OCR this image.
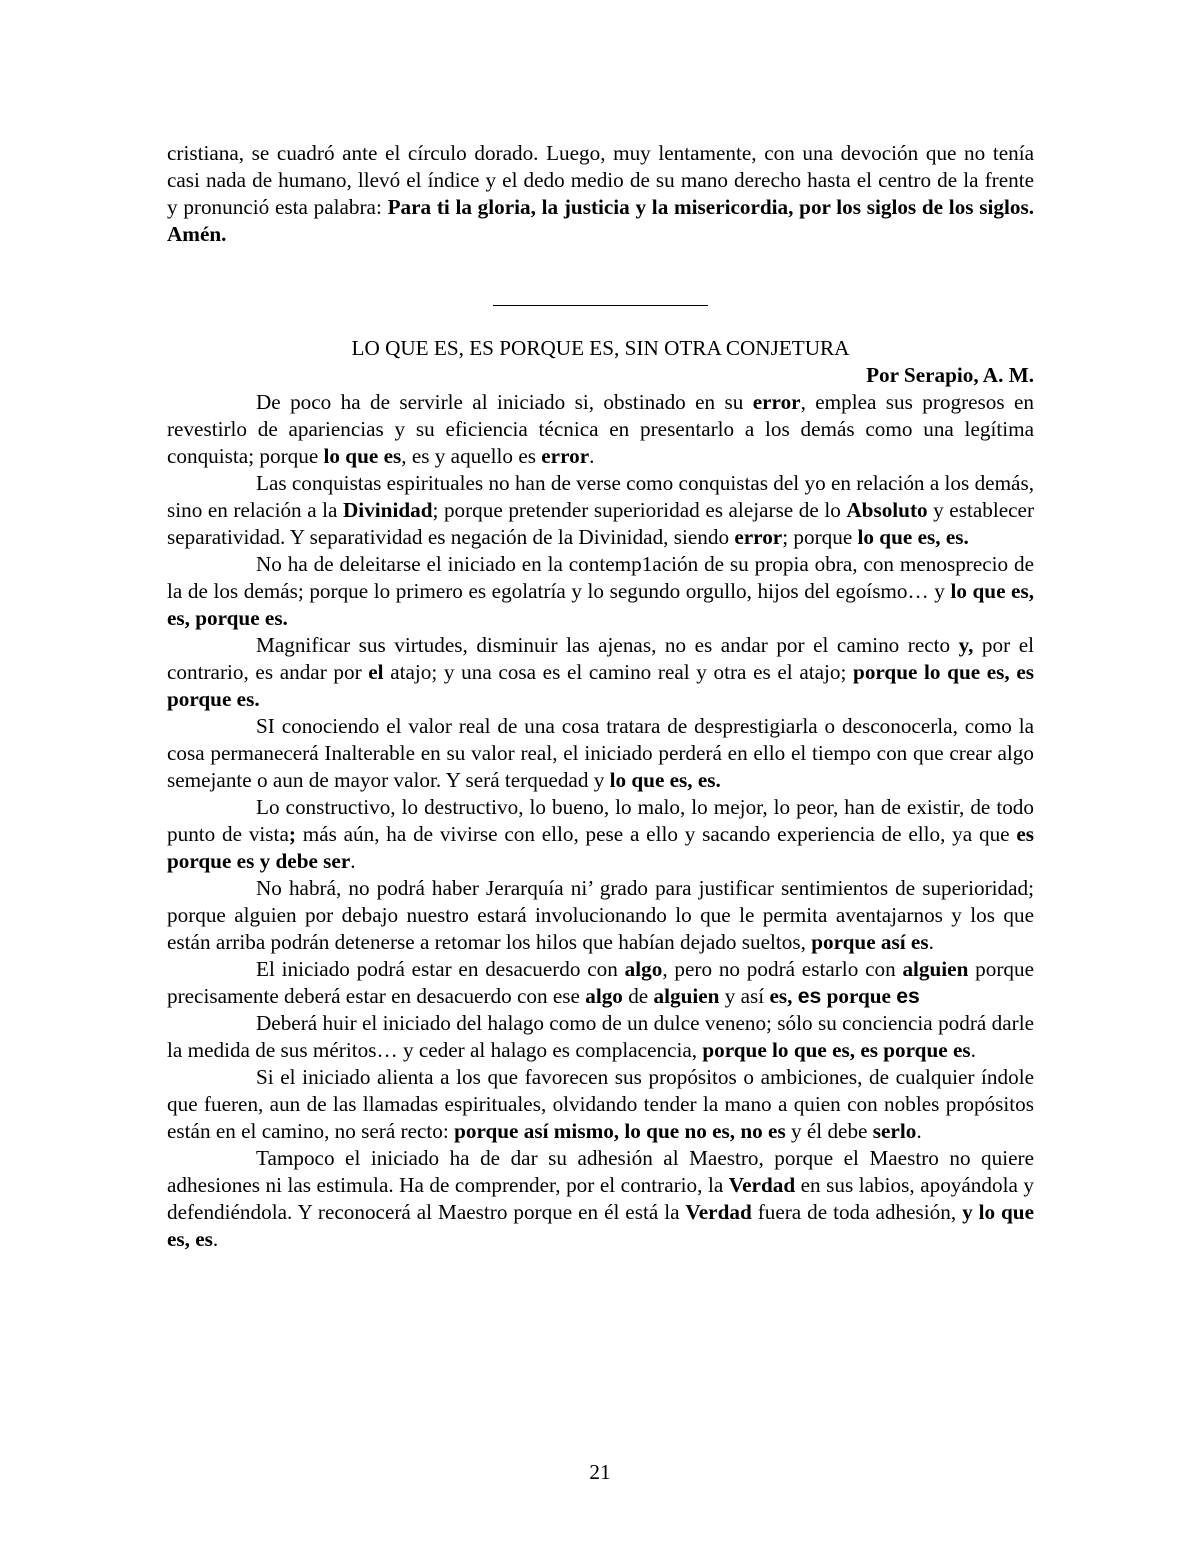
cristiana, se cuadró ante el círculo dorado. Luego, muy lentamente, con una devoción que no tenía casi nada de humano, llevó el índice y el dedo medio de su mano derecho hasta el centro de la frente y pronunció esta palabra: Para ti la gloria, la justicia y la misericordia, por los siglos de los siglos. Amén.

LO QUE ES, ES PORQUE ES, SIN OTRA CONJETURA
Por Serapio, A. M.

De poco ha de servirle al iniciado si, obstinado en su error, emplea sus progresos en revestirlo de apariencias y su eficiencia técnica en presentarlo a los demás como una legítima conquista; porque lo que es, es y aquello es error.

Las conquistas espirituales no han de verse como conquistas del yo en relación a los demás, sino en relación a la Divinidad; porque pretender superioridad es alejarse de lo Absoluto y establecer separatividad. Y separatividad es negación de la Divinidad, siendo error; porque lo que es, es.

No ha de deleitarse el iniciado en la contemp1ación de su propia obra, con menosprecio de la de los demás; porque lo primero es egolatría y lo segundo orgullo, hijos del egoísmo… y lo que es, es, porque es.

Magnificar sus virtudes, disminuir las ajenas, no es andar por el camino recto y, por el contrario, es andar por el atajo; y una cosa es el camino real y otra es el atajo; porque lo que es, es porque es.

SI conociendo el valor real de una cosa tratara de desprestigiarla o desconocerla, como la cosa permanecerá Inalterable en su valor real, el iniciado perderá en ello el tiempo con que crear algo semejante o aun de mayor valor. Y será terquedad y lo que es, es.

Lo constructivo, lo destructivo, lo bueno, lo malo, lo mejor, lo peor, han de existir, de todo punto de vista; más aún, ha de vivirse con ello, pese a ello y sacando experiencia de ello, ya que es porque es y debe ser.

No habrá, no podrá haber Jerarquía ni’ grado para justificar sentimientos de superioridad; porque alguien por debajo nuestro estará involucionando lo que le permita aventajarnos y los que están arriba podrán detenerse a retomar los hilos que habían dejado sueltos, porque así es.

El iniciado podrá estar en desacuerdo con algo, pero no podrá estarlo con alguien porque precisamente deberá estar en desacuerdo con ese algo de alguien y así es, es porque es

Deberá huir el iniciado del halago como de un dulce veneno; sólo su conciencia podrá darle la medida de sus méritos… y ceder al halago es complacencia, porque lo que es, es porque es.

Si el iniciado alienta a los que favorecen sus propósitos o ambiciones, de cualquier índole que fueren, aun de las llamadas espirituales, olvidando tender la mano a quien con nobles propósitos están en el camino, no será recto: porque así mismo, lo que no es, no es y él debe serlo.

Tampoco el iniciado ha de dar su adhesión al Maestro, porque el Maestro no quiere adhesiones ni las estimula. Ha de comprender, por el contrario, la Verdad en sus labios, apoyándola y defendiéndola. Y reconocerá al Maestro porque en él está la Verdad fuera de toda adhesión, y lo que es, es.

21
